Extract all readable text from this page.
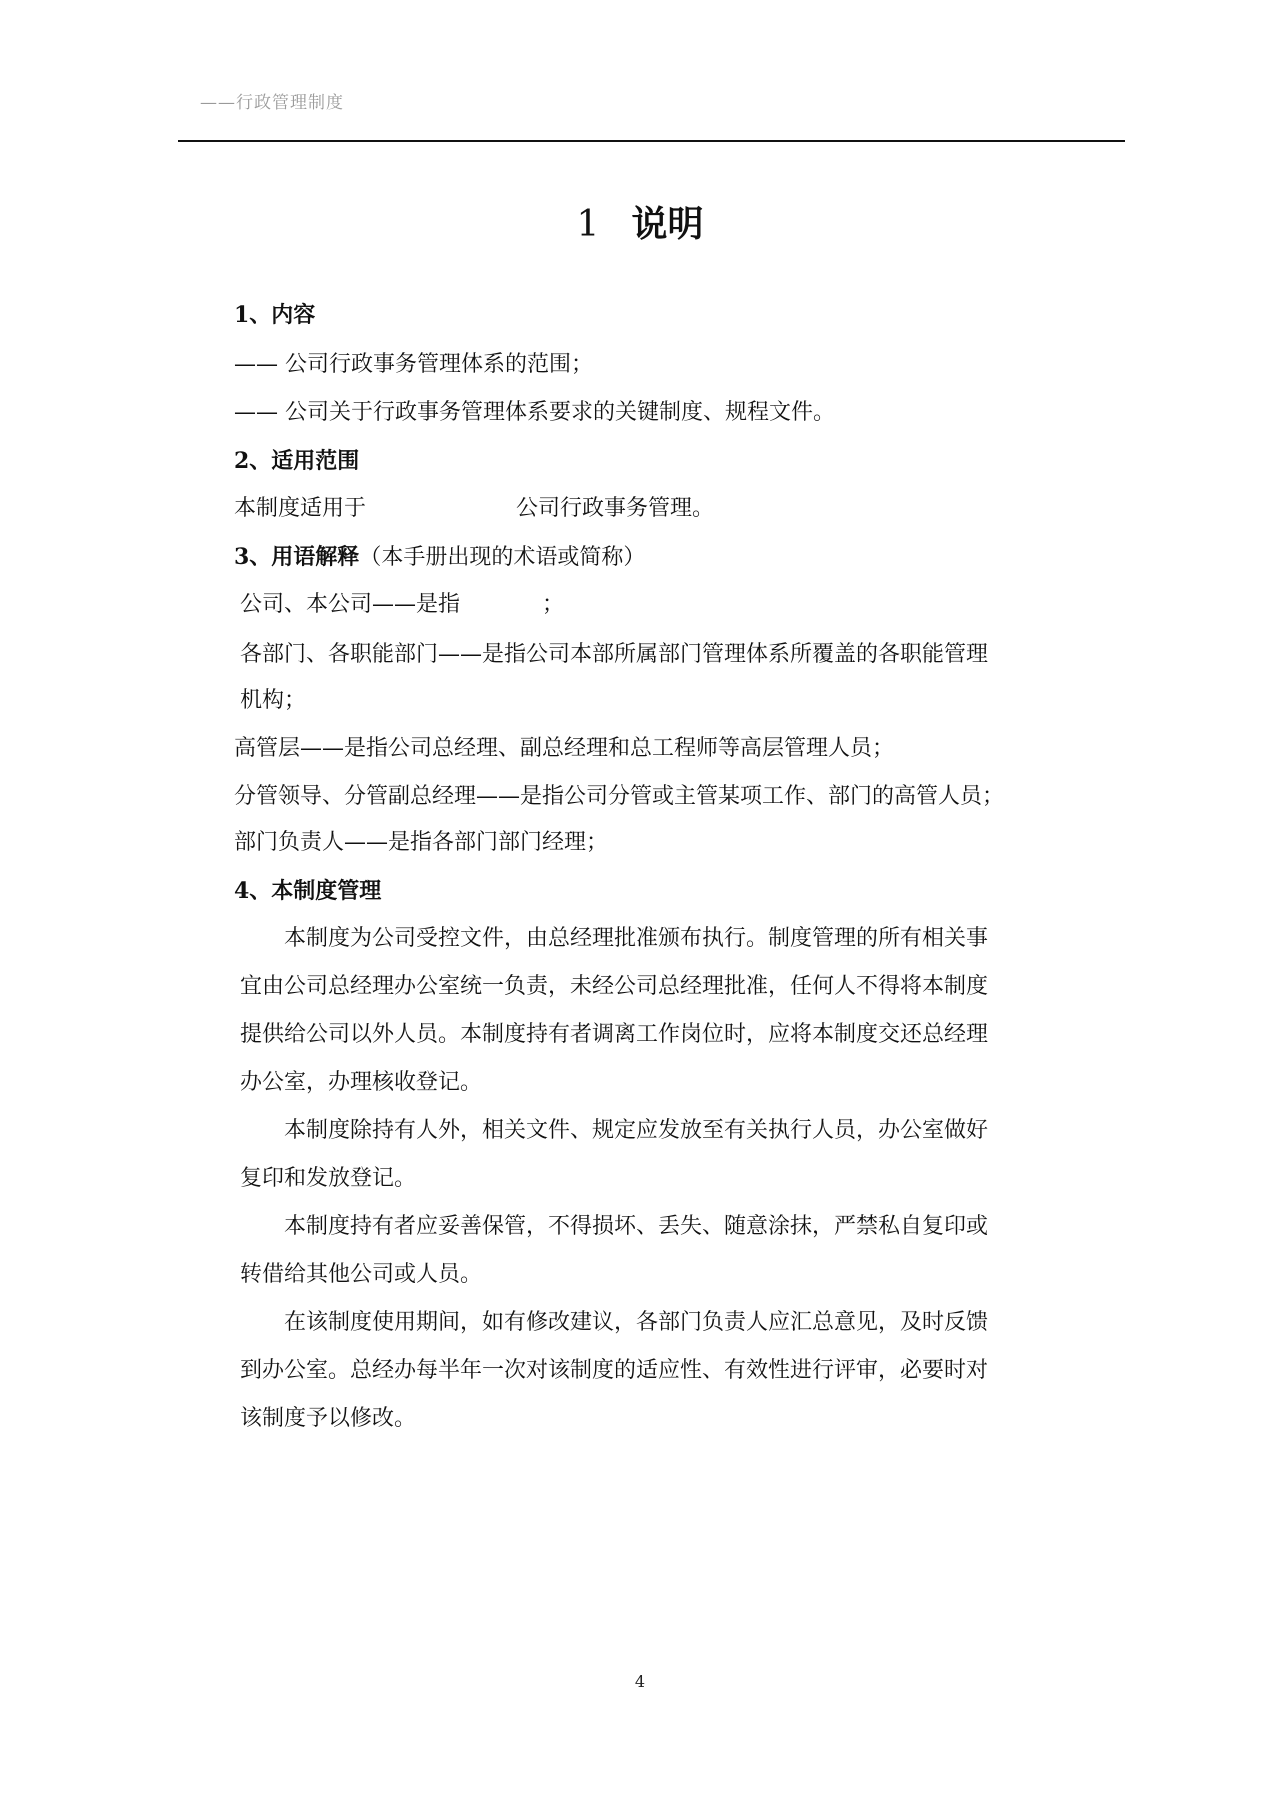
——行政管理制度
1 说明
1、内容
—— 公司行政事务管理体系的范围；
—— 公司关于行政事务管理体系要求的关键制度、规程文件。
2、适用范围
本制度适用于	公司行政事务管理。
3、用语解释（本手册出现的术语或简称）
公司、本公司——是指	；
各部门、各职能部门——是指公司本部所属部门管理体系所覆盖的各职能管理
机构；
高管层——是指公司总经理、副总经理和总工程师等高层管理人员；
分管领导、分管副总经理——是指公司分管或主管某项工作、部门的高管人员；
部门负责人——是指各部门部门经理；
4、本制度管理
本制度为公司受控文件，由总经理批准颁布执行。制度管理的所有相关事
宜由公司总经理办公室统一负责，未经公司总经理批准，任何人不得将本制度
提供给公司以外人员。本制度持有者调离工作岗位时，应将本制度交还总经理
办公室，办理核收登记。
本制度除持有人外，相关文件、规定应发放至有关执行人员，办公室做好
复印和发放登记。
本制度持有者应妥善保管，不得损坏、丢失、随意涂抹，严禁私自复印或
转借给其他公司或人员。
在该制度使用期间，如有修改建议，各部门负责人应汇总意见，及时反馈
到办公室。总经办每半年一次对该制度的适应性、有效性进行评审，必要时对
该制度予以修改。
4
